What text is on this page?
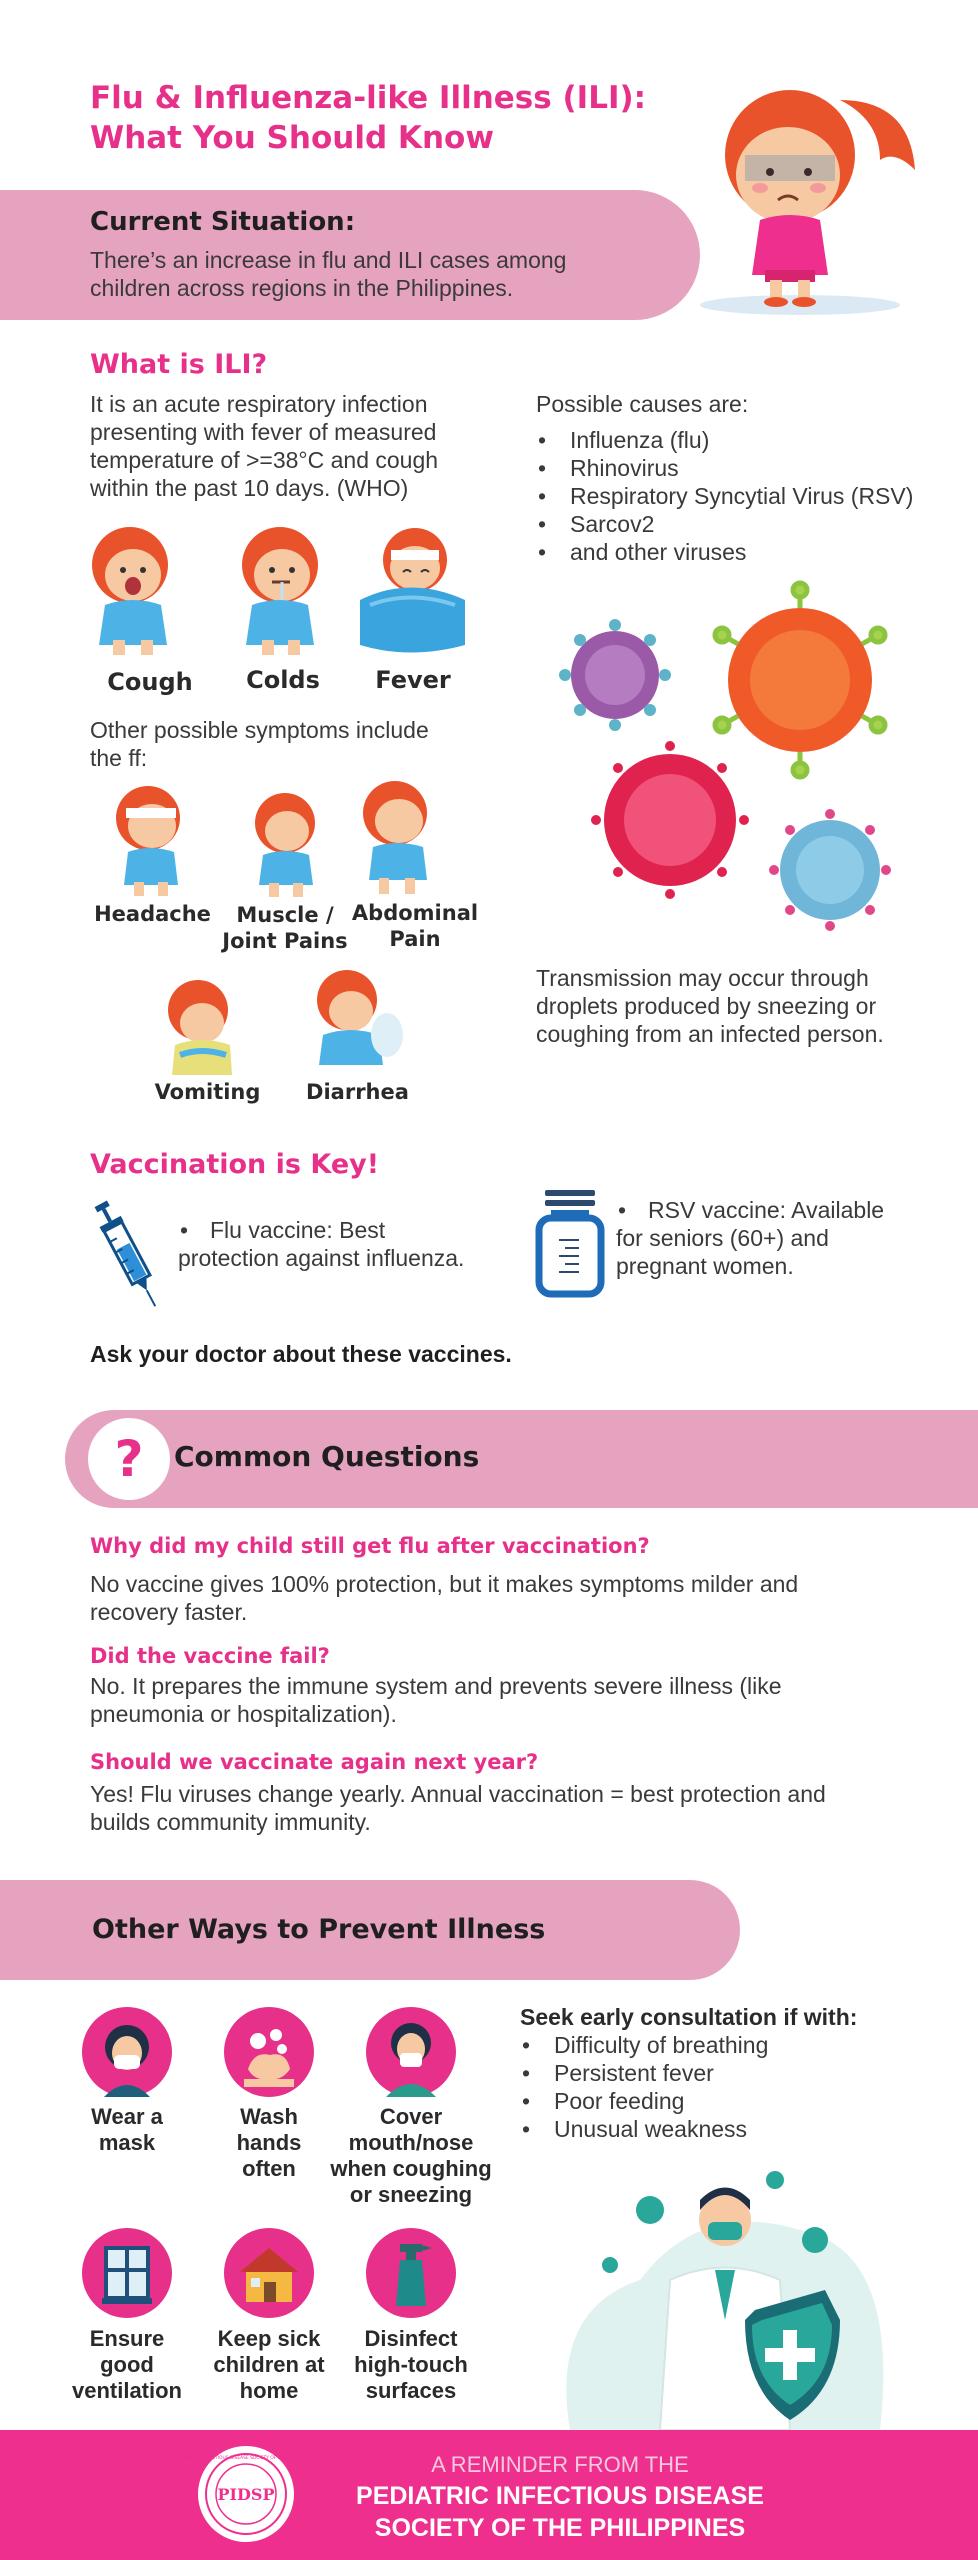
Flu & Influenza-like Illness (ILI):
What You Should Know
Current Situation:
There’s an increase in flu and ILI cases among
children across regions in the Philippines.
What is ILI?
It is an acute respiratory infection
presenting with fever of measured
temperature of >=38°C and cough
within the past 10 days. (WHO)
Cough	Colds	Fever
Other possible symptoms include
the ff:
Headache	Muscle /
Joint Pains
Abdominal
Pain
Vomiting	Diarrhea
Possible causes are:
• Influenza (flu)
• Rhinovirus
• Respiratory Syncytial Virus (RSV)
• Sarcov2
• and other viruses
Transmission may occur through
droplets produced by sneezing or
coughing from an infected person.
Vaccination is Key!
• Flu vaccine: Best
protection against influenza.
• RSV vaccine: Available
for seniors (60+) and
pregnant women.
Ask your doctor about these vaccines.
?	Common Questions
Why did my child still get flu after vaccination?
No vaccine gives 100% protection, but it makes symptoms milder and
recovery faster.
Did the vaccine fail?
No. It prepares the immune system and prevents severe illness (like
pneumonia or hospitalization).
Should we vaccinate again next year?
Yes! Flu viruses change yearly. Annual vaccination = best protection and
builds community immunity.
Other Ways to Prevent Illness
Wear a
mask
Wash
hands
often
Cover
mouth/nose
when coughing
or sneezing
Ensure
good
ventilation
Keep sick
children at
home
Disinfect
high-touch
surfaces
Seek early consultation if with:
• Difficulty of breathing
• Persistent fever
• Poor feeding
• Unusual weakness
PIDSP
PEDIATRIC INFECTIOUS DISEASE SOCIETY OF THE PHILIPPINES	A REMINDER FROM THE
PEDIATRIC INFECTIOUS DISEASE
SOCIETY OF THE PHILIPPINES
